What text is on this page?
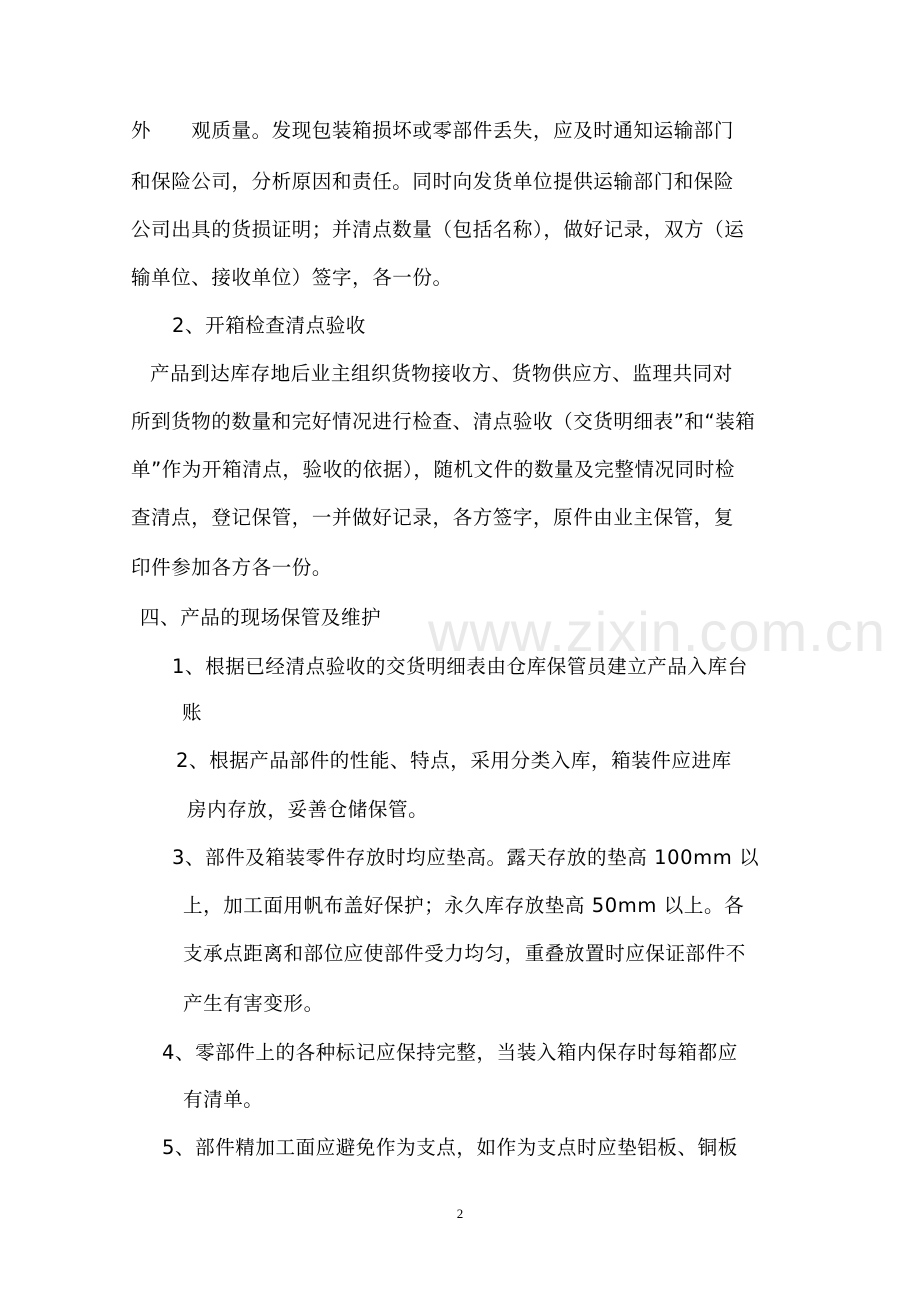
www.zixin.com.cn

外　　观质量。发现包装箱损坏或零部件丢失，应及时通知运输部门

和保险公司，分析原因和责任。同时向发货单位提供运输部门和保险

公司出具的货损证明；并清点数量（包括名称），做好记录，双方（运

输单位、接收单位）签字，各一份。

2、开箱检查清点验收

产品到达库存地后业主组织货物接收方、货物供应方、监理共同对

所到货物的数量和完好情况进行检查、清点验收（交货明细表”和“装箱

单”作为开箱清点，验收的依据），随机文件的数量及完整情况同时检

查清点，登记保管，一并做好记录，各方签字，原件由业主保管，复

印件参加各方各一份。

四、产品的现场保管及维护

1、根据已经清点验收的交货明细表由仓库保管员建立产品入库台

账

2、根据产品部件的性能、特点，采用分类入库，箱装件应进库

房内存放，妥善仓储保管。

3、部件及箱装零件存放时均应垫高。露天存放的垫高 100mm 以

上，加工面用帆布盖好保护；永久库存放垫高 50mm 以上。各

支承点距离和部位应使部件受力均匀，重叠放置时应保证部件不

产生有害变形。

4、零部件上的各种标记应保持完整，当装入箱内保存时每箱都应

有清单。

5、部件精加工面应避免作为支点，如作为支点时应垫铝板、铜板

2
